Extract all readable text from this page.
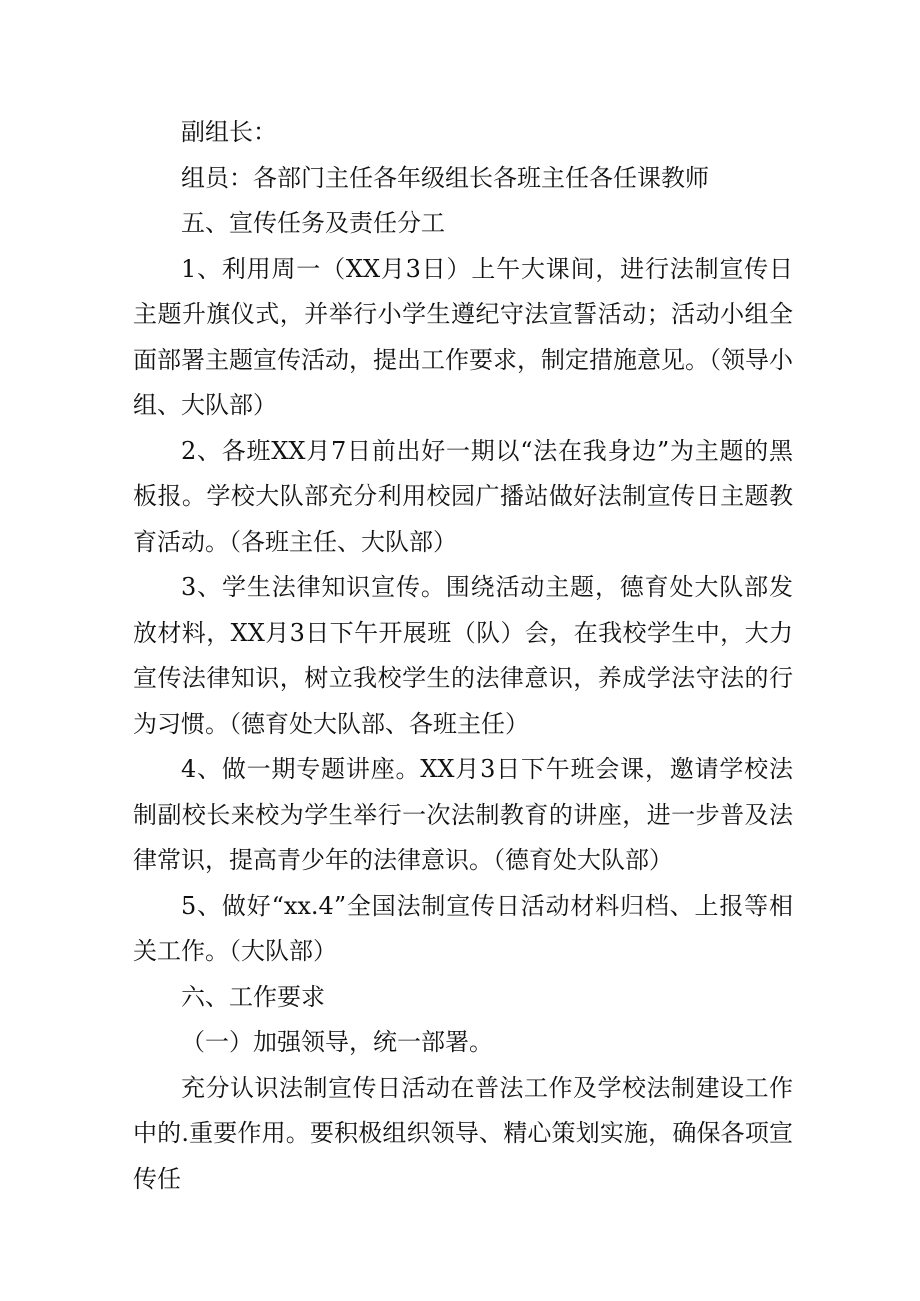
副组长：

组员：各部门主任各年级组长各班主任各任课教师

五、宣传任务及责任分工

1、利用周一（XX月3日）上午大课间，进行法制宣传日主题升旗仪式，并举行小学生遵纪守法宣誓活动；活动小组全面部署主题宣传活动，提出工作要求，制定措施意见。（领导小组、大队部）

2、各班XX月7日前出好一期以“法在我身边”为主题的黑板报。学校大队部充分利用校园广播站做好法制宣传日主题教育活动。（各班主任、大队部）

3、学生法律知识宣传。围绕活动主题，德育处大队部发放材料，XX月3日下午开展班（队）会，在我校学生中，大力宣传法律知识，树立我校学生的法律意识，养成学法守法的行为习惯。（德育处大队部、各班主任）

4、做一期专题讲座。XX月3日下午班会课，邀请学校法制副校长来校为学生举行一次法制教育的讲座，进一步普及法律常识，提高青少年的法律意识。（德育处大队部）

5、做好“xx.4”全国法制宣传日活动材料归档、上报等相关工作。（大队部）

六、工作要求

（一）加强领导，统一部署。

充分认识法制宣传日活动在普法工作及学校法制建设工作中的.重要作用。要积极组织领导、精心策划实施，确保各项宣传任
